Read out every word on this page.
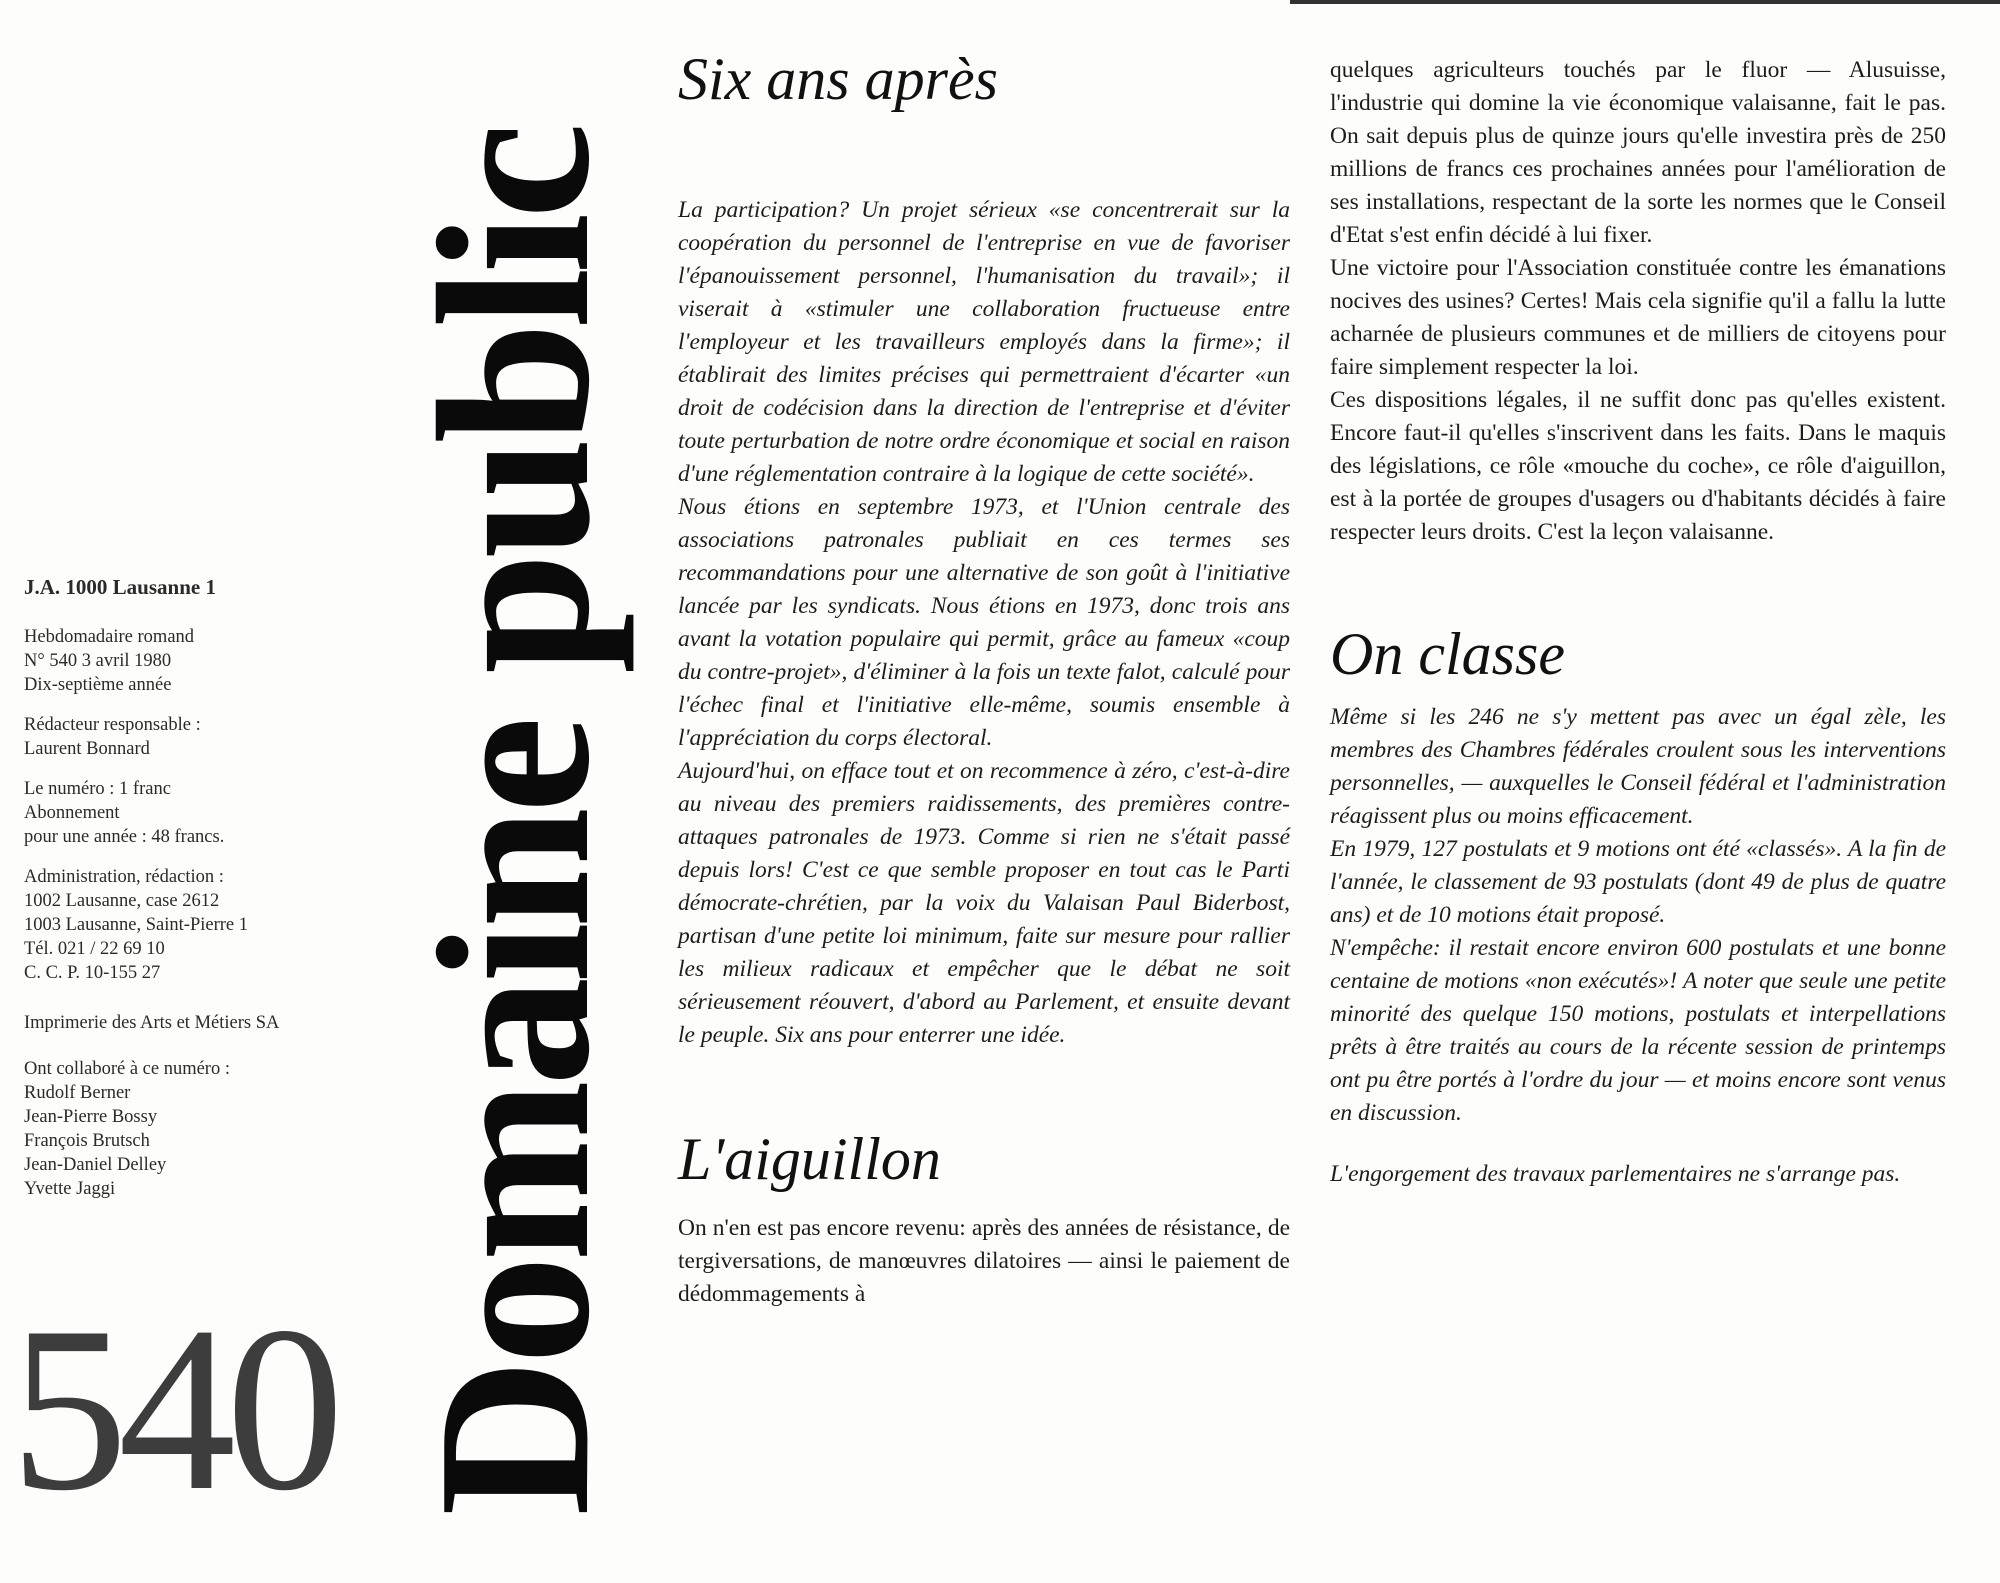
J.A. 1000 Lausanne 1
Hebdomadaire romand
N° 540 3 avril 1980
Dix-septième année
Rédacteur responsable :
Laurent Bonnard
Le numéro : 1 franc
Abonnement
pour une année : 48 francs.
Administration, rédaction :
1002 Lausanne, case 2612
1003 Lausanne, Saint-Pierre 1
Tél. 021 / 22 69 10
C. C. P. 10-155 27
Imprimerie des Arts et Métiers SA
Ont collaboré à ce numéro :
Rudolf Berner
Jean-Pierre Bossy
François Brutsch
Jean-Daniel Delley
Yvette Jaggi
540 Domaine public
Six ans après

La participation? Un projet sérieux «se concentrerait sur la coopération du personnel de l'entreprise en vue de favoriser l'épanouissement personnel, l'humanisation du travail»; il viserait à «stimuler une collaboration fructueuse entre l'employeur et les travailleurs employés dans la firme»; il établirait des limites précises qui permettraient d'écarter «un droit de codécision dans la direction de l'entreprise et d'éviter toute perturbation de notre ordre économique et social en raison d'une réglementation contraire à la logique de cette société».

Nous étions en septembre 1973, et l'Union centrale des associations patronales publiait en ces termes ses recommandations pour une alternative de son goût à l'initiative lancée par les syndicats. Nous étions en 1973, donc trois ans avant la votation populaire qui permit, grâce au fameux «coup du contre-projet», d'éliminer à la fois un texte falot, calculé pour l'échec final et l'initiative elle-même, soumis ensemble à l'appréciation du corps électoral.

Aujourd'hui, on efface tout et on recommence à zéro, c'est-à-dire au niveau des premiers raidissements, des premières contre-attaques patronales de 1973. Comme si rien ne s'était passé depuis lors! C'est ce que semble proposer en tout cas le Parti démocrate-chrétien, par la voix du Valaisan Paul Biderbost, partisan d'une petite loi minimum, faite sur mesure pour rallier les milieux radicaux et empêcher que le débat ne soit sérieusement réouvert, d'abord au Parlement, et ensuite devant le peuple. Six ans pour enterrer une idée.

L'aiguillon

On n'en est pas encore revenu: après des années de résistance, de tergiversations, de manœuvres dilatoires — ainsi le paiement de dédommagements à

quelques agriculteurs touchés par le fluor — Alusuisse, l'industrie qui domine la vie économique valaisanne, fait le pas. On sait depuis plus de quinze jours qu'elle investira près de 250 millions de francs ces prochaines années pour l'amélioration de ses installations, respectant de la sorte les normes que le Conseil d'Etat s'est enfin décidé à lui fixer.

Une victoire pour l'Association constituée contre les émanations nocives des usines? Certes! Mais cela signifie qu'il a fallu la lutte acharnée de plusieurs communes et de milliers de citoyens pour faire simplement respecter la loi.

Ces dispositions légales, il ne suffit donc pas qu'elles existent. Encore faut-il qu'elles s'inscrivent dans les faits. Dans le maquis des législations, ce rôle «mouche du coche», ce rôle d'aiguillon, est à la portée de groupes d'usagers ou d'habitants décidés à faire respecter leurs droits. C'est la leçon valaisanne.

On classe

Même si les 246 ne s'y mettent pas avec un égal zèle, les membres des Chambres fédérales croulent sous les interventions personnelles, — auxquelles le Conseil fédéral et l'administration réagissent plus ou moins efficacement.

En 1979, 127 postulats et 9 motions ont été «classés». A la fin de l'année, le classement de 93 postulats (dont 49 de plus de quatre ans) et de 10 motions était proposé.

N'empêche: il restait encore environ 600 postulats et une bonne centaine de motions «non exécutés»! A noter que seule une petite minorité des quelque 150 motions, postulats et interpellations prêts à être traités au cours de la récente session de printemps ont pu être portés à l'ordre du jour — et moins encore sont venus en discussion.

L'engorgement des travaux parlementaires ne s'arrange pas.
